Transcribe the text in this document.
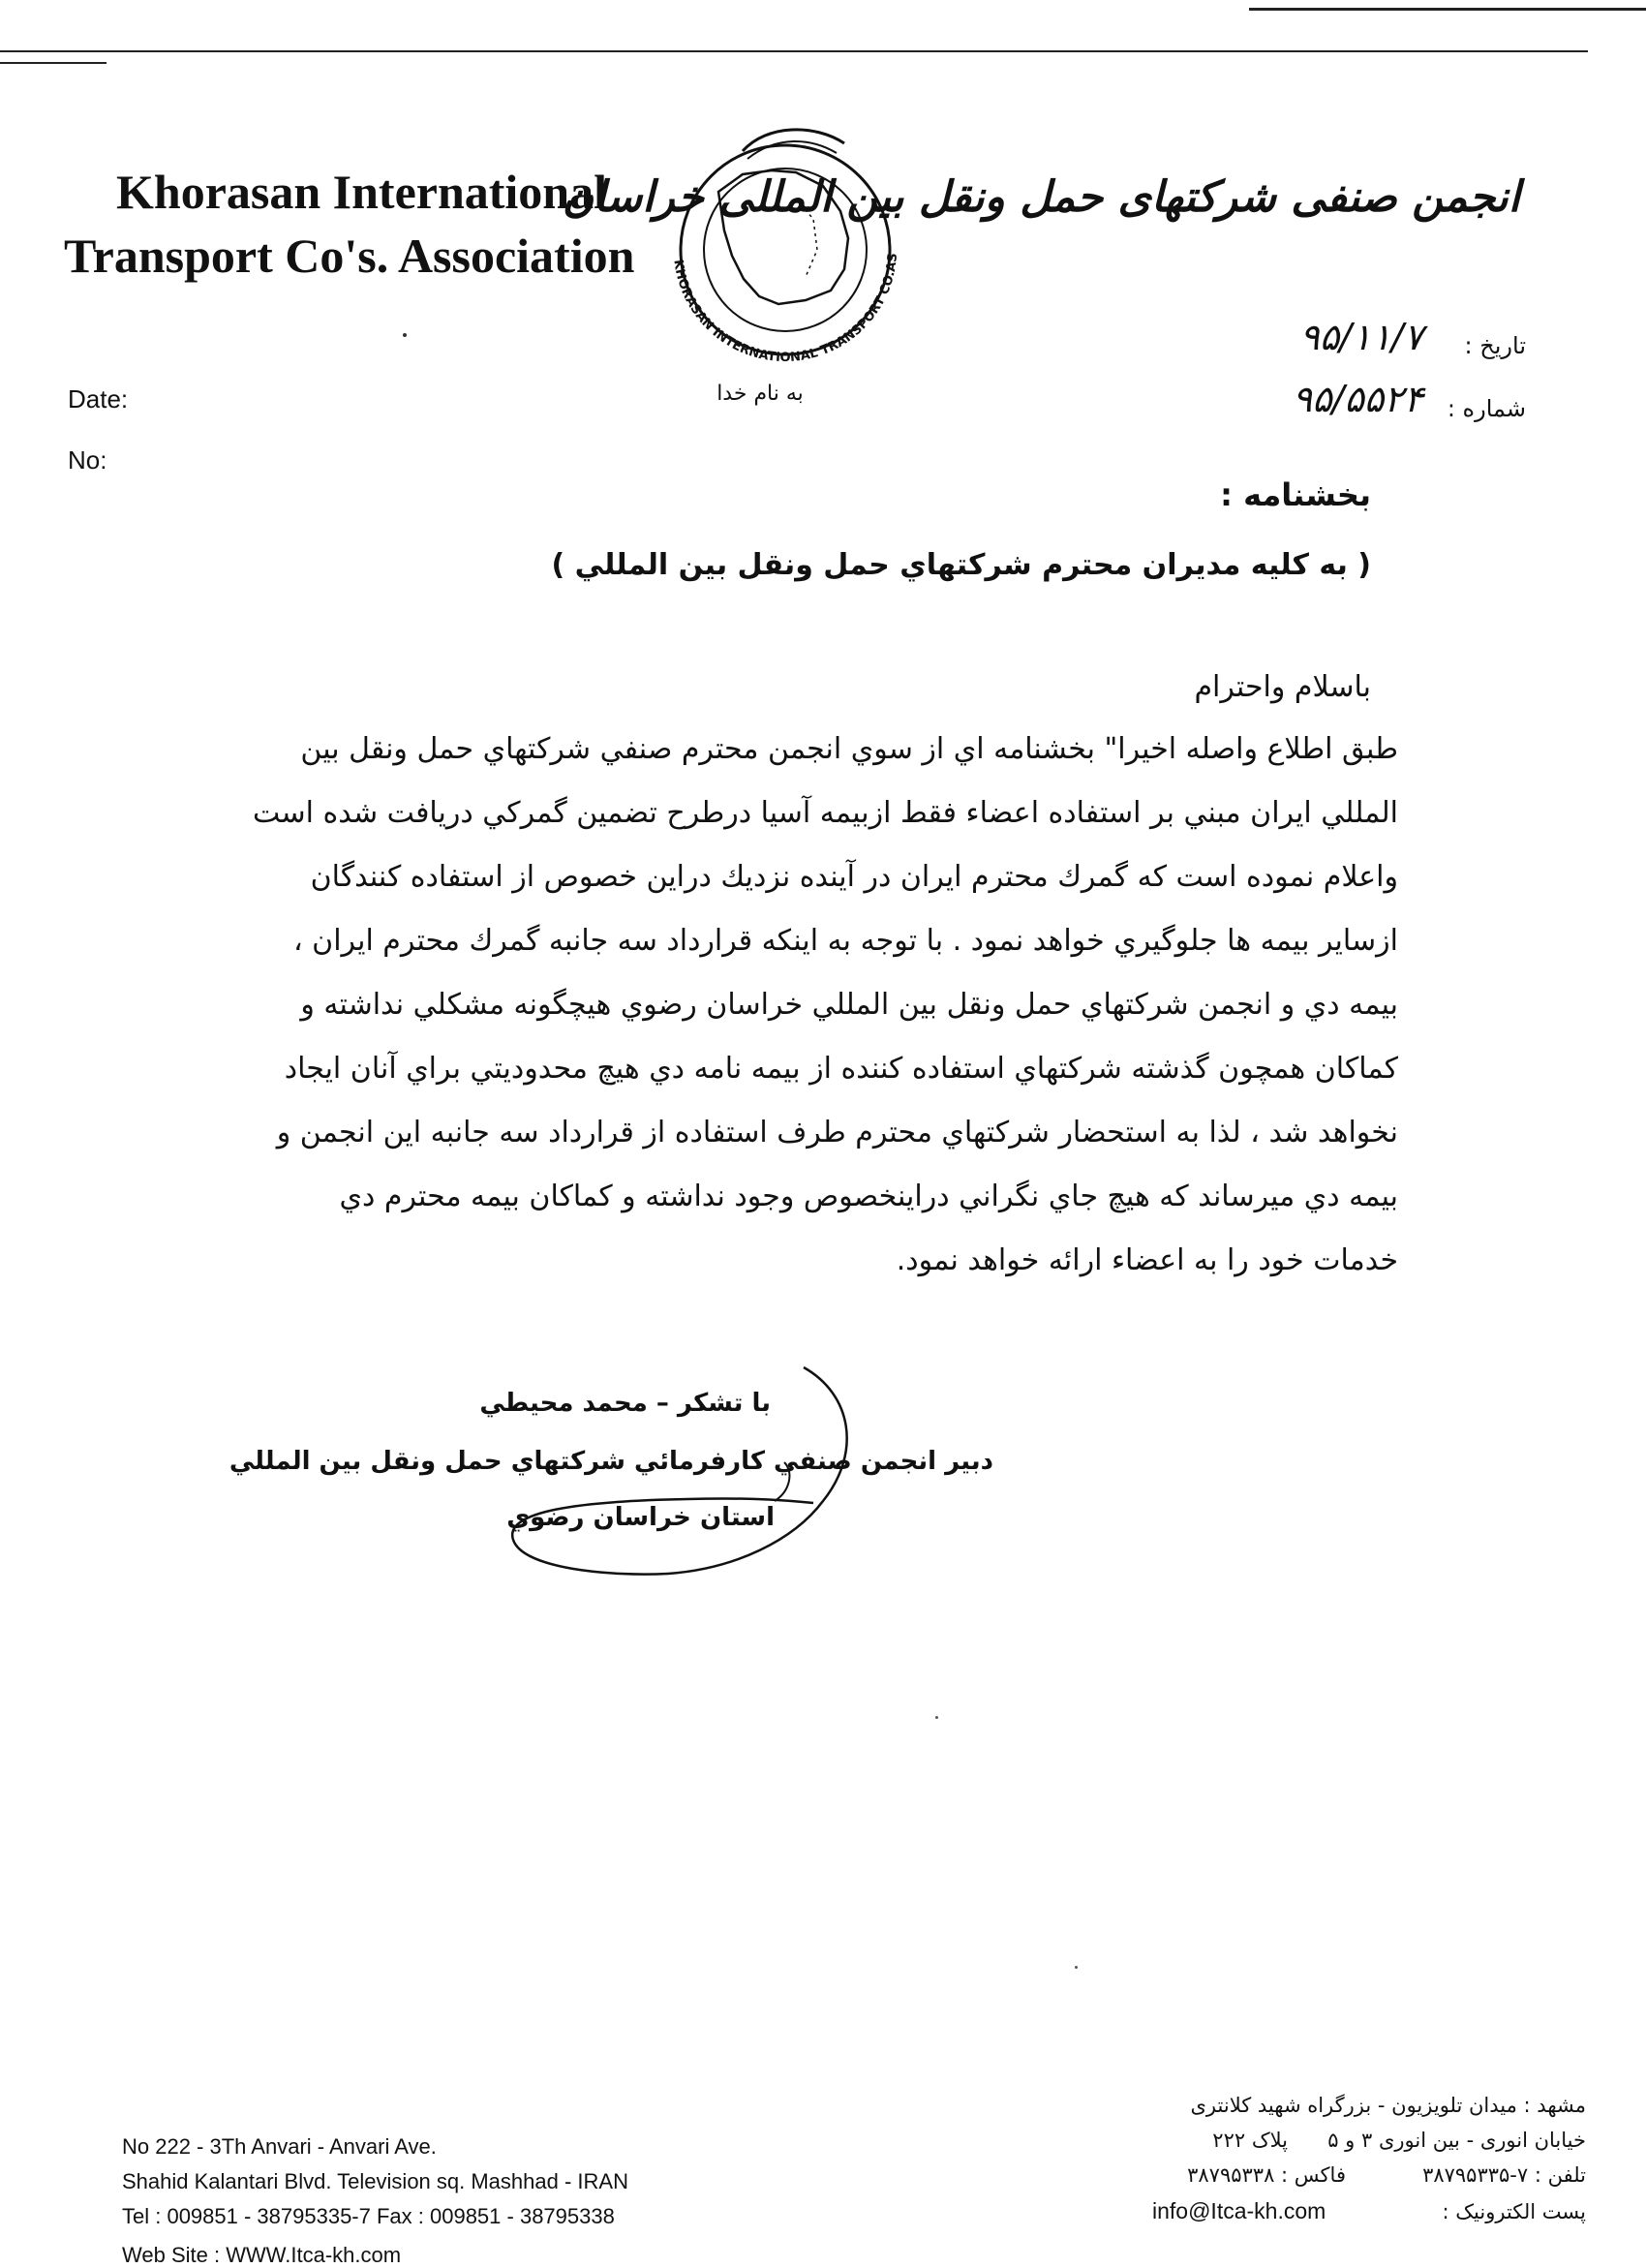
Khorasan International
Transport Co's. Association	KHORASAN INTERNATIONAL TRANSPORT CO.AS
به نام خدا
انجمن صنفی شرکتهای حمل ونقل بین المللی خراسان
Date:
No:
تاریخ :
۹۵/۱۱/۷
شماره :
۹۵/۵۵۲۴
بخشنامه :
( به كليه مديران محترم شركتهاي حمل ونقل بين المللي )
باسلام واحترام
طبق اطلاع واصله اخيرا" بخشنامه اي از سوي انجمن محترم صنفي شركتهاي حمل ونقل بين
المللي ايران مبني بر استفاده اعضاء فقط ازبيمه آسيا درطرح تضمين گمركي دريافت شده است
واعلام نموده است كه گمرك محترم ايران در آينده نزديك دراين خصوص از استفاده كنندگان
ازساير بيمه ها جلوگيري خواهد نمود . با توجه به اينكه قرارداد سه جانبه گمرك محترم ايران ،
بيمه دي و انجمن شركتهاي حمل ونقل بين المللي خراسان رضوي هيچگونه مشكلي نداشته و
كماكان همچون گذشته شركتهاي استفاده كننده از بيمه نامه دي هيچ محدوديتي براي آنان ايجاد
نخواهد شد ، لذا به استحضار شركتهاي محترم طرف استفاده از قرارداد سه جانبه اين انجمن و
بيمه دي ميرساند كه هيچ جاي نگراني دراينخصوص وجود نداشته و كماكان بيمه محترم دي
خدمات خود را به اعضاء ارائه خواهد نمود.
با تشكر – محمد محيطي
دبير انجمن صنفي كارفرمائي شركتهاي حمل ونقل بين المللي
استان خراسان رضوي
No 222 - 3Th Anvari - Anvari Ave.
Shahid Kalantari Blvd. Television sq. Mashhad - IRAN
Tel : 009851 - 38795335-7 Fax : 009851 - 38795338
Web Site : WWW.Itca-kh.com
مشهد : میدان تلویزیون - بزرگراه شهید کلانتری
خیابان انوری - بین انوری ۳ و ۵
پلاک ۲۲۲
تلفن : ۷-۳۸۷۹۵۳۳۵
فاکس : ۳۸۷۹۵۳۳۸
پست الکترونیک :
info@Itca-kh.com
